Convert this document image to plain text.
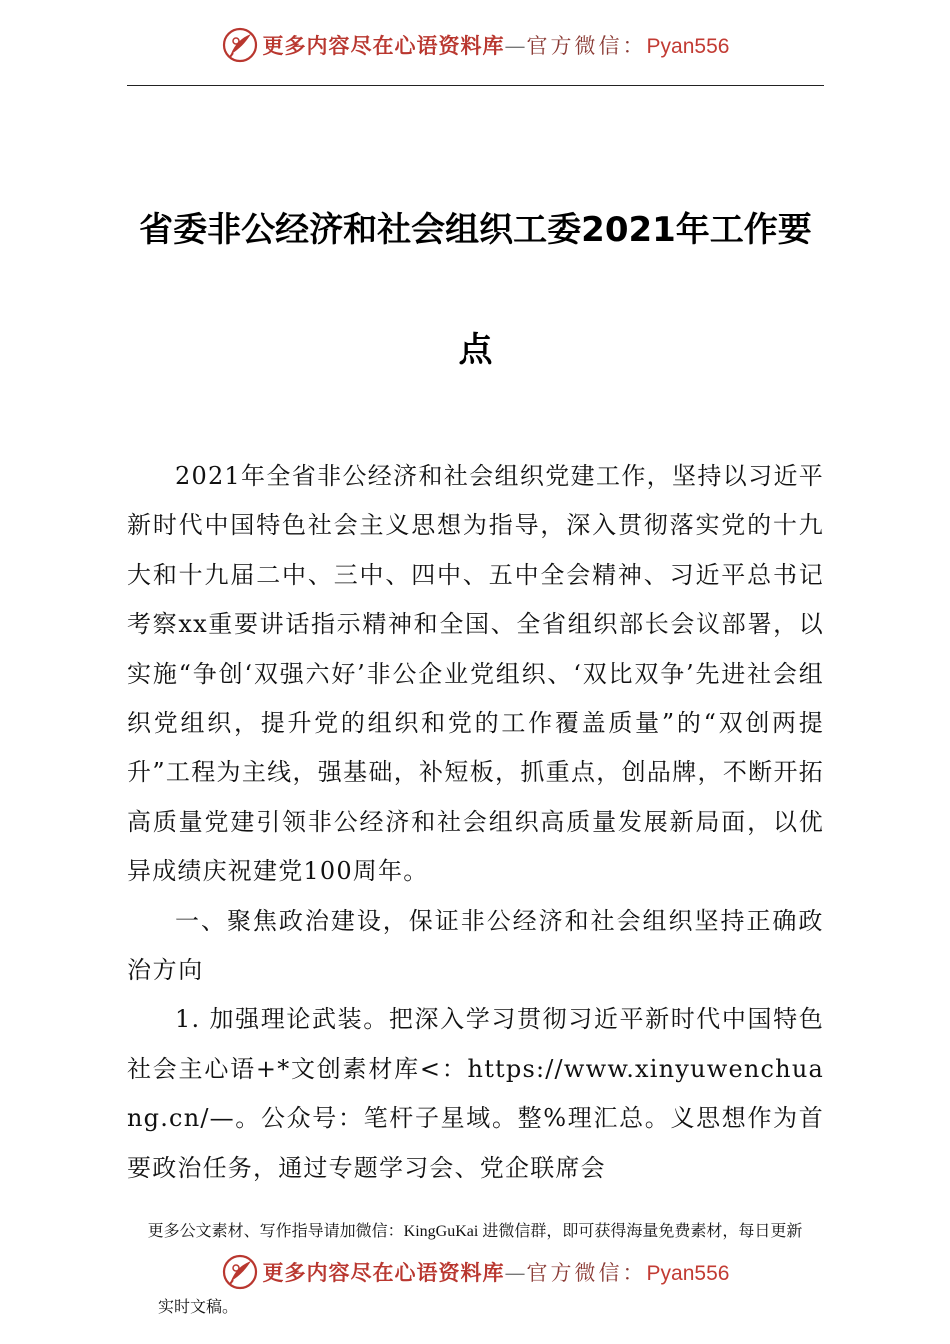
更多内容尽在心语资料库—官方微信：Pyan556
省委非公经济和社会组织工委2021年工作要点

2021年全省非公经济和社会组织党建工作，坚持以习近平新时代中国特色社会主义思想为指导，深入贯彻落实党的十九大和十九届二中、三中、四中、五中全会精神、习近平总书记考察xx重要讲话指示精神和全国、全省组织部长会议部署，以实施“争创‘双强六好’非公企业党组织、‘双比双争’先进社会组织党组织，提升党的组织和党的工作覆盖质量”的“双创两提升”工程为主线，强基础，补短板，抓重点，创品牌，不断开拓高质量党建引领非公经济和社会组织高质量发展新局面，以优异成绩庆祝建党100周年。

一、聚焦政治建设，保证非公经济和社会组织坚持正确政治方向

1. 加强理论武装。把深入学习贯彻习近平新时代中国特色社会主心语+*文创素材库<：https://www.xinyuwenchuang.cn/—。公众号：笔杆子星域。整%理汇总。义思想作为首要政治任务，通过专题学习会、党企联席会

更多公文素材、写作指导请加微信：KingGuKai 进微信群，即可获得海量免费素材，每日更新

更多内容尽在心语资料库—官方微信：Pyan556

实时文稿。
